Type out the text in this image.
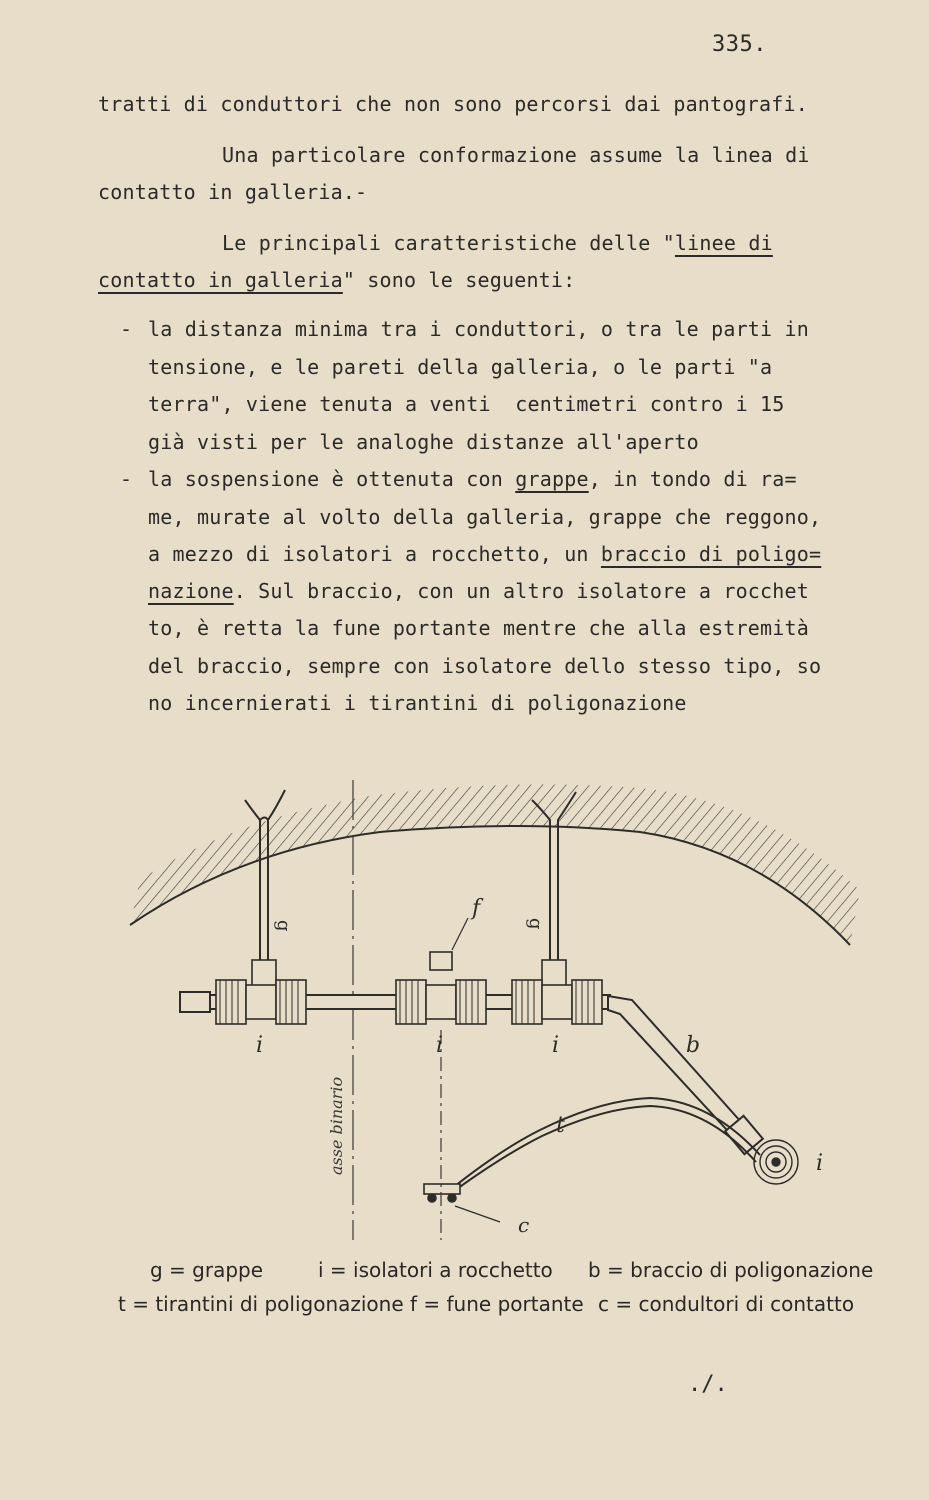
335.
tratti di conduttori che non sono percorsi dai pantografi.
Una particolare conformazione assume la linea di
contatto in galleria.-
Le principali caratteristiche delle "linee di
contatto in galleria" sono le seguenti:
- la distanza minima tra i conduttori, o tra le parti in
tensione, e le pareti della galleria, o le parti "a
terra", viene tenuta a venti  centimetri contro i 15
già visti per le analoghe distanze all'aperto
- la sospensione è ottenuta con grappe, in tondo di ra=
me, murate al volto della galleria, grappe che reggono,
a mezzo di isolatori a rocchetto, un braccio di poligo=
nazione. Sul braccio, con un altro isolatore a rocchet
to, è retta la fune portante mentre che alla estremità
del braccio, sempre con isolatore dello stesso tipo, so
no incernierati i tirantini di poligonazione
asse binario
g	g
f
b
i
t
c
i	i	i
g = grappe	i = isolatori a rocchetto b = braccio di poligonazione
t = tirantini di poligonazione f = fune portante c = condultori di contatto
./.
